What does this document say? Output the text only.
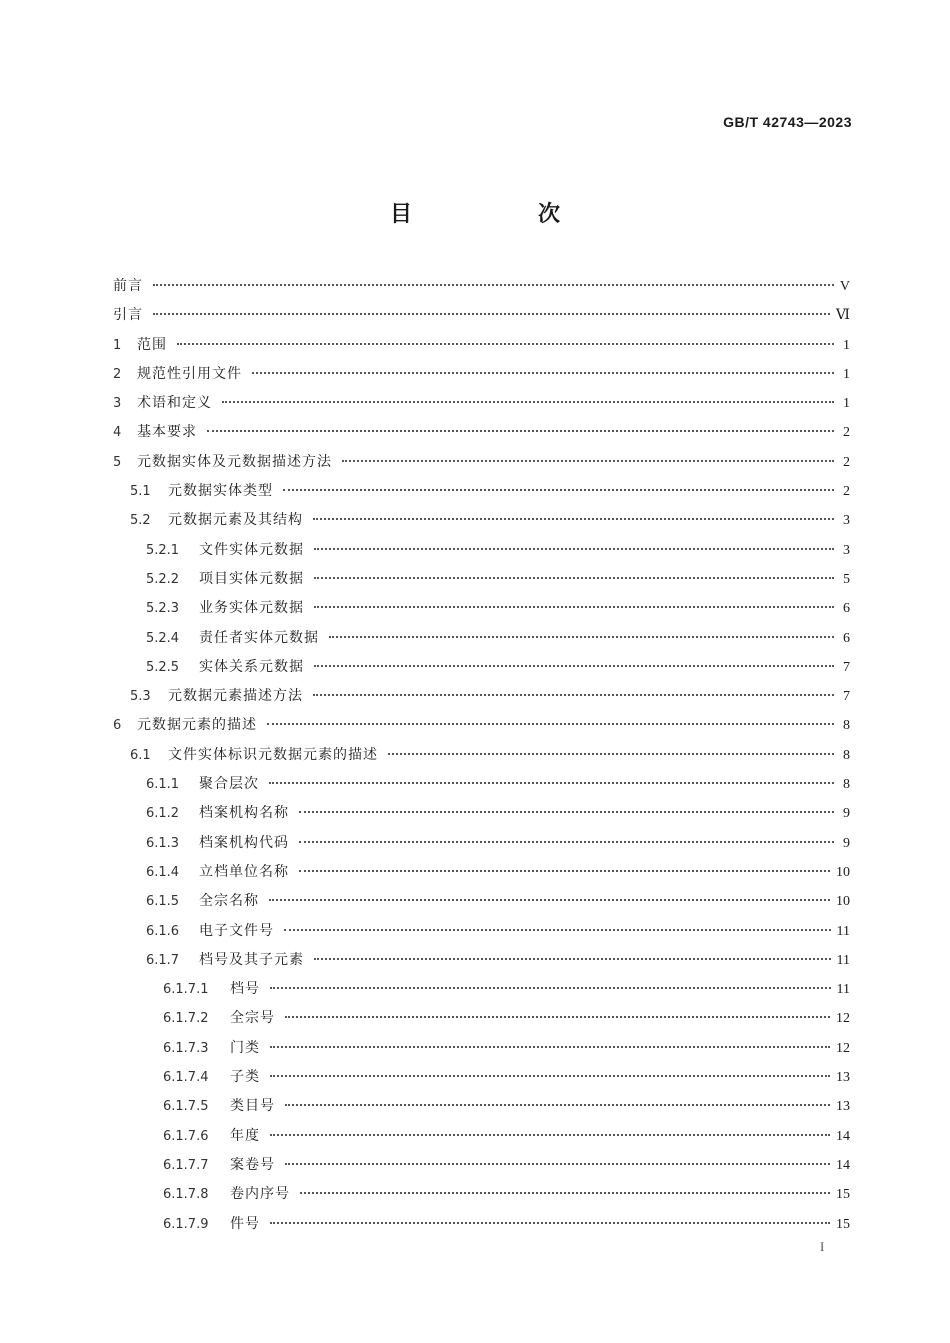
GB/T 42743—2023
目　次
前言	V
引言	Ⅵ
1	范围	1
2	规范性引用文件	1
3	术语和定义	1
4	基本要求	2
5	元数据实体及元数据描述方法	2
5.1	元数据实体类型	2
5.2	元数据元素及其结构	3
5.2.1	文件实体元数据	3
5.2.2	项目实体元数据	5
5.2.3	业务实体元数据	6
5.2.4	责任者实体元数据	6
5.2.5	实体关系元数据	7
5.3	元数据元素描述方法	7
6	元数据元素的描述	8
6.1	文件实体标识元数据元素的描述	8
6.1.1	聚合层次	8
6.1.2	档案机构名称	9
6.1.3	档案机构代码	9
6.1.4	立档单位名称	10
6.1.5	全宗名称	10
6.1.6	电子文件号	11
6.1.7	档号及其子元素	11
6.1.7.1	档号	11
6.1.7.2	全宗号	12
6.1.7.3	门类	12
6.1.7.4	子类	13
6.1.7.5	类目号	13
6.1.7.6	年度	14
6.1.7.7	案卷号	14
6.1.7.8	卷内序号	15
6.1.7.9	件号	15
I
